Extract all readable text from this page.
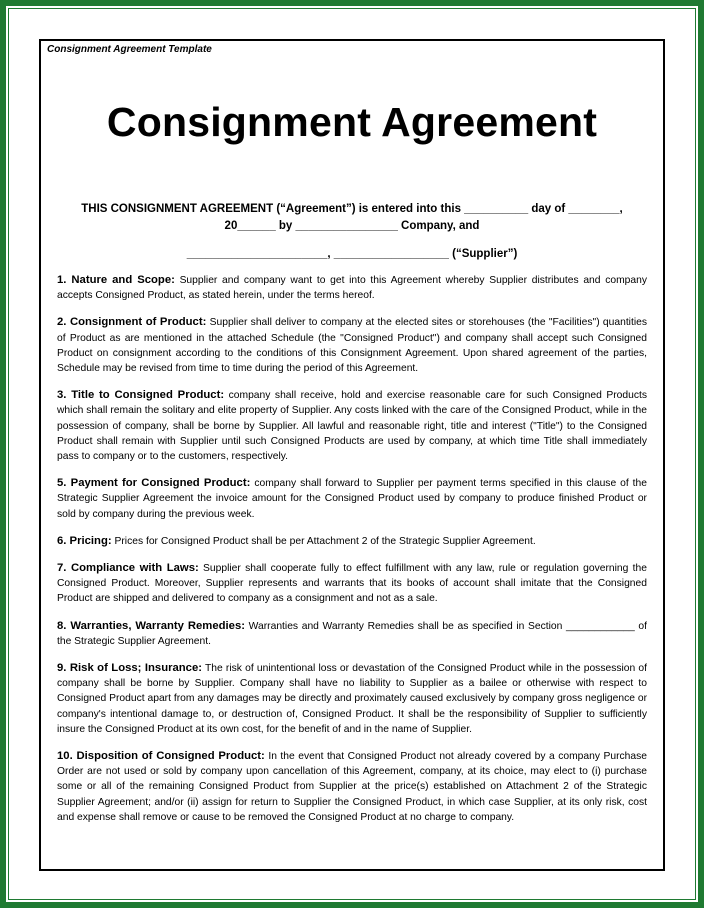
Consignment Agreement Template
Consignment Agreement
THIS CONSIGNMENT AGREEMENT (“Agreement”) is entered into this __________ day of ________,
20______ by ________________ Company, and
______________________, __________________ (“Supplier”)

1. Nature and Scope: Supplier and company want to get into this Agreement whereby Supplier distributes and company accepts Consigned Product, as stated herein, under the terms hereof.

2. Consignment of Product: Supplier shall deliver to company at the elected sites or storehouses (the "Facilities") quantities of Product as are mentioned in the attached Schedule (the "Consigned Product") and company shall accept such Consigned Product on consignment according to the conditions of this Consignment Agreement. Upon shared agreement of the parties, Schedule may be revised from time to time during the period of this Agreement.

3. Title to Consigned Product: company shall receive, hold and exercise reasonable care for such Consigned Products which shall remain the solitary and elite property of Supplier. Any costs linked with the care of the Consigned Product, while in the possession of company, shall be borne by Supplier. All lawful and reasonable right, title and interest ("Title") to the Consigned Product shall remain with Supplier until such Consigned Products are used by company, at which time Title shall immediately pass to company or to the customers, respectively.

5. Payment for Consigned Product: company shall forward to Supplier per payment terms specified in this clause of the Strategic Supplier Agreement the invoice amount for the Consigned Product used by company to produce finished Product or sold by company during the previous week.

6. Pricing: Prices for Consigned Product shall be per Attachment 2 of the Strategic Supplier Agreement.

7. Compliance with Laws: Supplier shall cooperate fully to effect fulfillment with any law, rule or regulation governing the Consigned Product. Moreover, Supplier represents and warrants that its books of account shall imitate that the Consigned Product are shipped and delivered to company as a consignment and not as a sale.

8. Warranties, Warranty Remedies: Warranties and Warranty Remedies shall be as specified in Section ____________ of the Strategic Supplier Agreement.

9. Risk of Loss; Insurance: The risk of unintentional loss or devastation of the Consigned Product while in the possession of company shall be borne by Supplier. Company shall have no liability to Supplier as a bailee or otherwise with respect to Consigned Product apart from any damages may be directly and proximately caused exclusively by company gross negligence or company's intentional damage to, or destruction of, Consigned Product. It shall be the responsibility of Supplier to sufficiently insure the Consigned Product at its own cost, for the benefit of and in the name of Supplier.

10. Disposition of Consigned Product: In the event that Consigned Product not already covered by a company Purchase Order are not used or sold by company upon cancellation of this Agreement, company, at its choice, may elect to (i) purchase some or all of the remaining Consigned Product from Supplier at the price(s) established on Attachment 2 of the Strategic Supplier Agreement; and/or (ii) assign for return to Supplier the Consigned Product, in which case Supplier, at its only risk, cost and expense shall remove or cause to be removed the Consigned Product at no charge to company.
